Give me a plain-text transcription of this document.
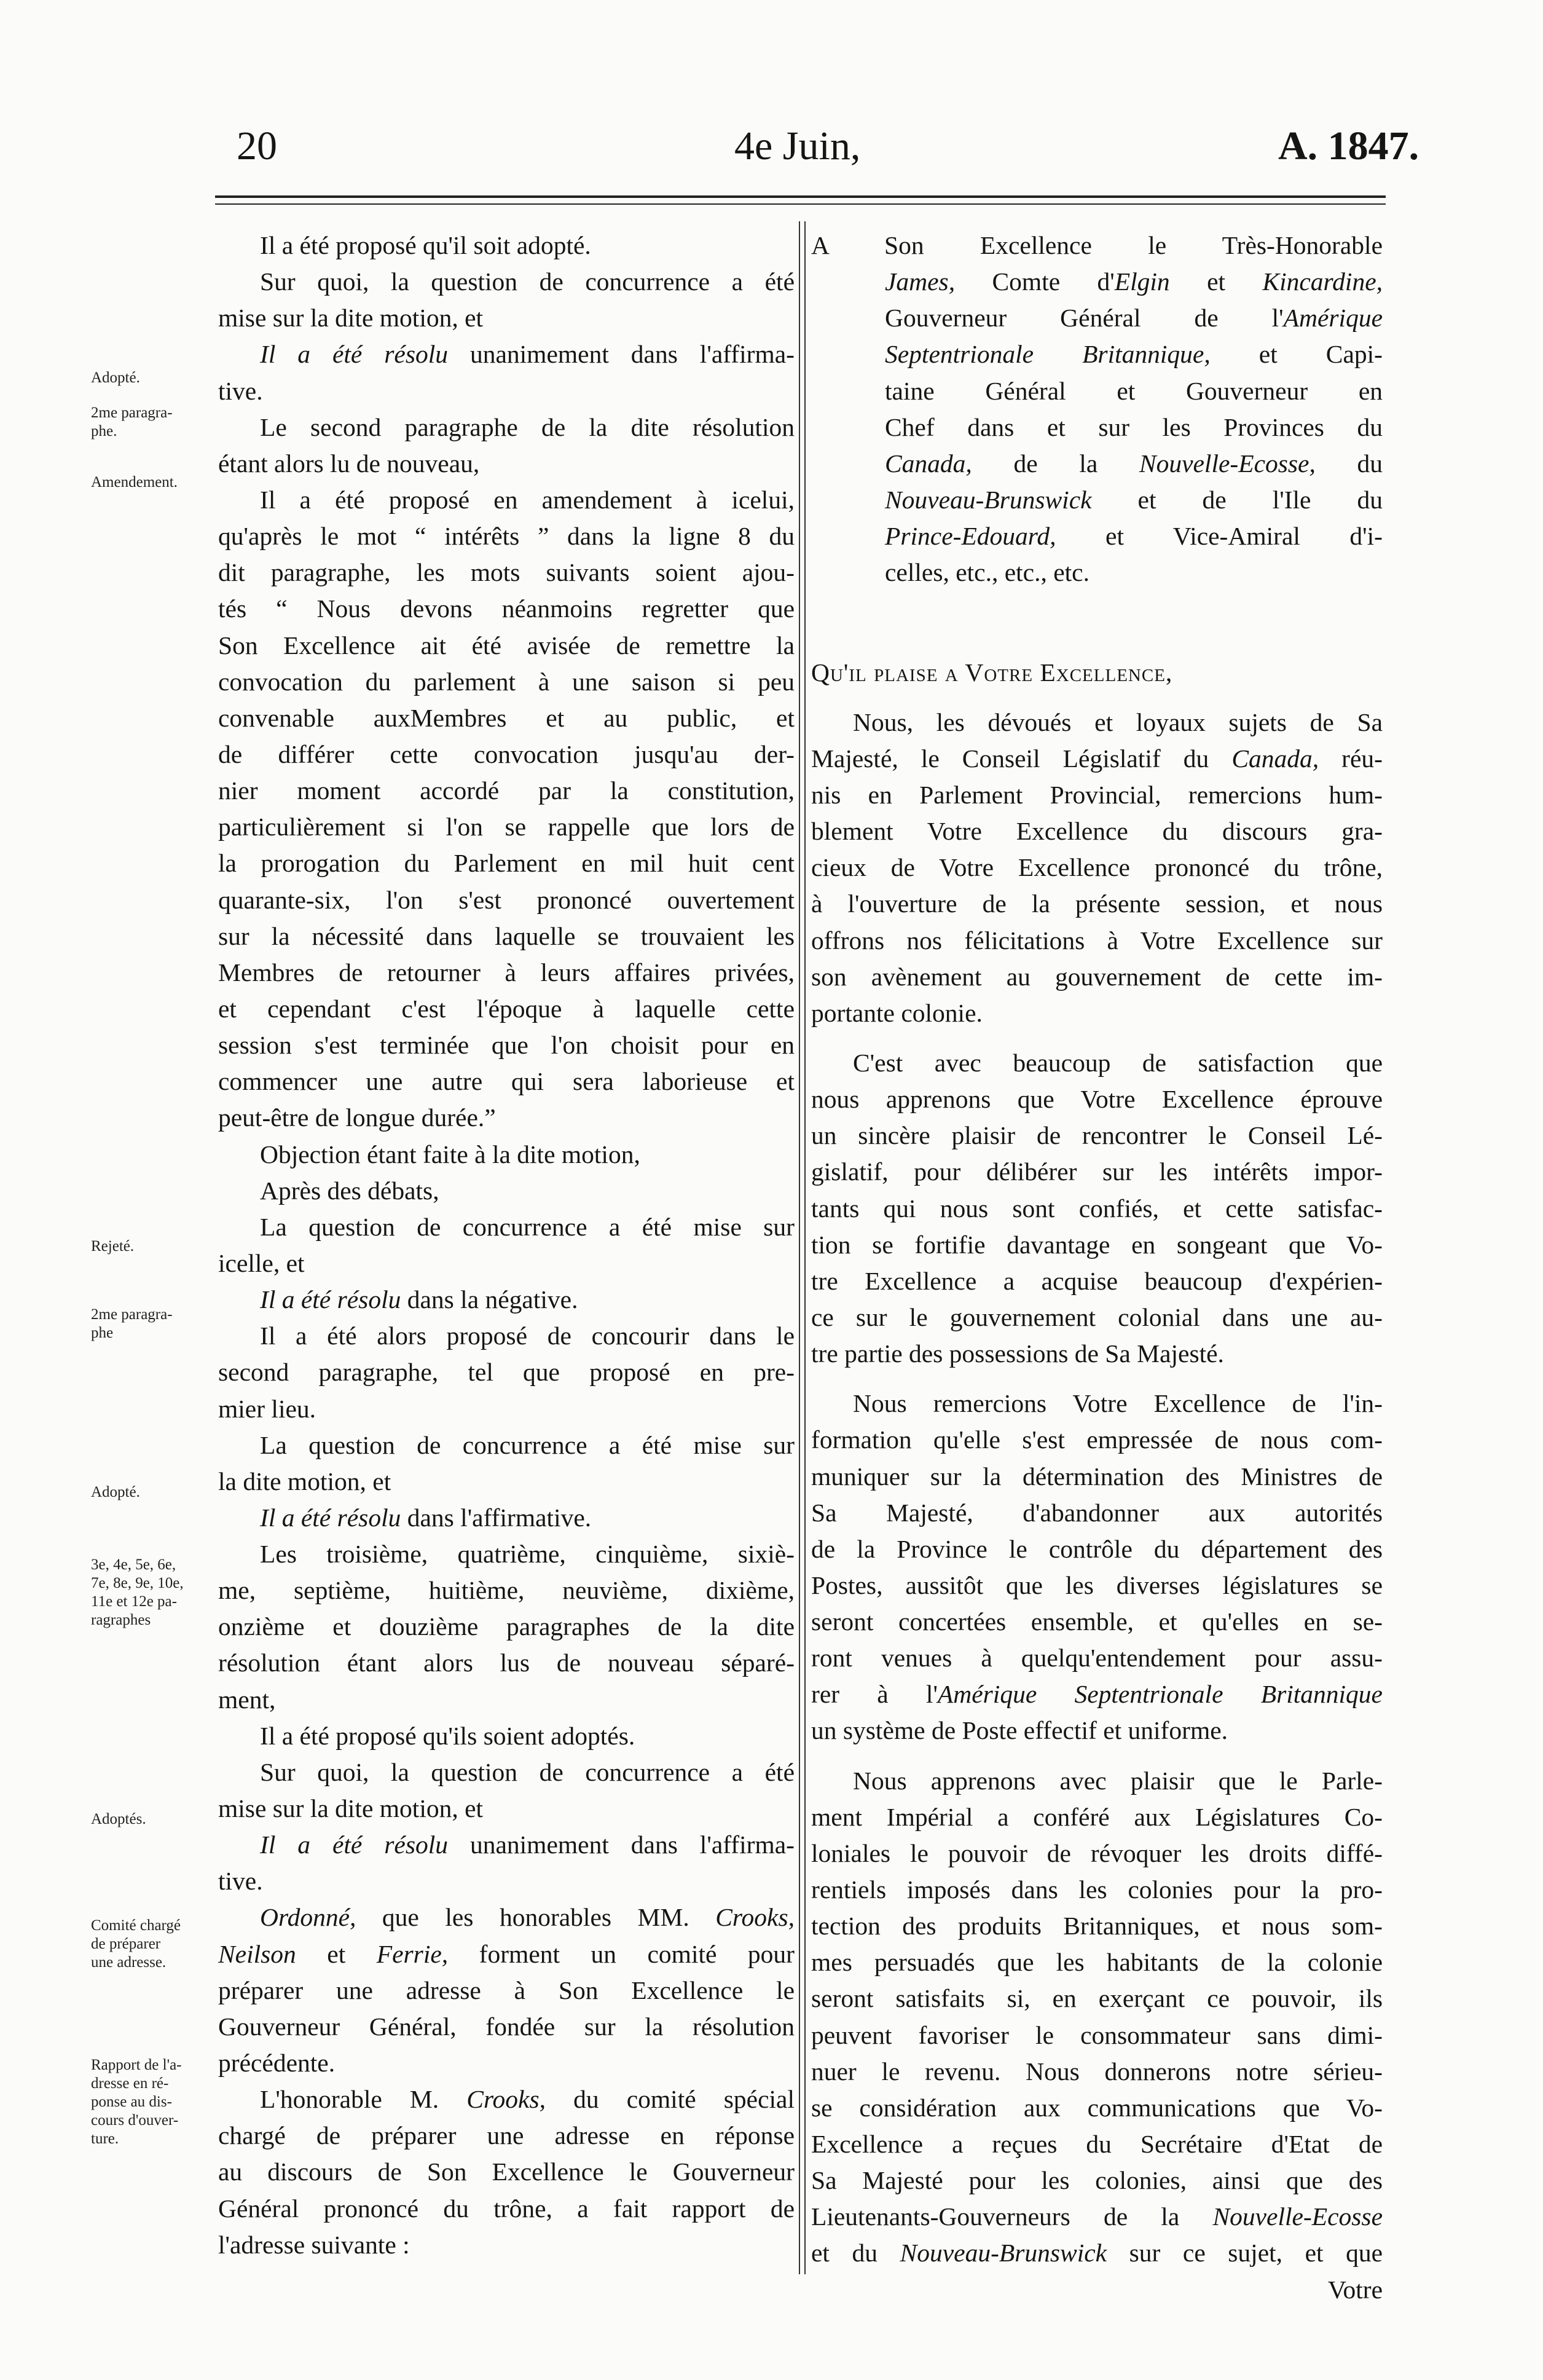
20	4e Juin,	A. 1847.
Adopté.
2me paragra-
phe.
Amendement.
Rejeté.
2me paragra-
phe
Adopté.
3e, 4e, 5e, 6e,
7e, 8e, 9e, 10e,
11e et 12e pa-
ragraphes
Adoptés.
Comité chargé
de préparer
une adresse.
Rapport de l'a-
dresse en ré-
ponse au dis-
cours d'ouver-
ture.
Il a été proposé qu'il soit adopté.
Sur quoi, la question de concurrence a été
mise sur la dite motion, et
Il a été résolu unanimement dans l'affirma-
tive.
Le second paragraphe de la dite résolution
étant alors lu de nouveau,
Il a été proposé en amendement à icelui,
qu'après le mot “ intérêts ” dans la ligne 8 du
dit paragraphe, les mots suivants soient ajou-
tés “ Nous devons néanmoins regretter que
Son Excellence ait été avisée de remettre la
convocation du parlement à une saison si peu
convenable auxMembres et au public, et
de différer cette convocation jusqu'au der-
nier moment accordé par la constitution,
particulièrement si l'on se rappelle que lors de
la prorogation du Parlement en mil huit cent
quarante-six, l'on s'est prononcé ouvertement
sur la nécessité dans laquelle se trouvaient les
Membres de retourner à leurs affaires privées,
et cependant c'est l'époque à laquelle cette
session s'est terminée que l'on choisit pour en
commencer une autre qui sera laborieuse et
peut-être de longue durée.”
Objection étant faite à la dite motion,
Après des débats,
La question de concurrence a été mise sur
icelle, et
Il a été résolu dans la négative.
Il a été alors proposé de concourir dans le
second paragraphe, tel que proposé en pre-
mier lieu.
La question de concurrence a été mise sur
la dite motion, et
Il a été résolu dans l'affirmative.
Les troisième, quatrième, cinquième, sixiè-
me, septième, huitième, neuvième, dixième,
onzième et douzième paragraphes de la dite
résolution étant alors lus de nouveau séparé-
ment,
Il a été proposé qu'ils soient adoptés.
Sur quoi, la question de concurrence a été
mise sur la dite motion, et
Il a été résolu unanimement dans l'affirma-
tive.
Ordonné, que les honorables MM. Crooks,
Neilson et Ferrie, forment un comité pour
préparer une adresse à Son Excellence le
Gouverneur Général, fondée sur la résolution
précédente.
L'honorable M. Crooks, du comité spécial
chargé de préparer une adresse en réponse
au discours de Son Excellence le Gouverneur
Général prononcé du trône, a fait rapport de
l'adresse suivante :
A Son Excellence le Très-Honorable
James, Comte d'Elgin et Kincardine,
Gouverneur Général de l'Amérique
Septentrionale Britannique, et Capi-
taine Général et Gouverneur en
Chef dans et sur les Provinces du
Canada, de la Nouvelle-Ecosse, du
Nouveau-Brunswick et de l'Ile du
Prince-Edouard, et Vice-Amiral d'i-
celles, etc., etc., etc.
Qu'il plaise a Votre Excellence,
Nous, les dévoués et loyaux sujets de Sa
Majesté, le Conseil Législatif du Canada, réu-
nis en Parlement Provincial, remercions hum-
blement Votre Excellence du discours gra-
cieux de Votre Excellence prononcé du trône,
à l'ouverture de la présente session, et nous
offrons nos félicitations à Votre Excellence sur
son avènement au gouvernement de cette im-
portante colonie.
C'est avec beaucoup de satisfaction que
nous apprenons que Votre Excellence éprouve
un sincère plaisir de rencontrer le Conseil Lé-
gislatif, pour délibérer sur les intérêts impor-
tants qui nous sont confiés, et cette satisfac-
tion se fortifie davantage en songeant que Vo-
tre Excellence a acquise beaucoup d'expérien-
ce sur le gouvernement colonial dans une au-
tre partie des possessions de Sa Majesté.
Nous remercions Votre Excellence de l'in-
formation qu'elle s'est empressée de nous com-
muniquer sur la détermination des Ministres de
Sa Majesté, d'abandonner aux autorités
de la Province le contrôle du département des
Postes, aussitôt que les diverses législatures se
seront concertées ensemble, et qu'elles en se-
ront venues à quelqu'entendement pour assu-
rer à l'Amérique Septentrionale Britannique
un système de Poste effectif et uniforme.
Nous apprenons avec plaisir que le Parle-
ment Impérial a conféré aux Législatures Co-
loniales le pouvoir de révoquer les droits diffé-
rentiels imposés dans les colonies pour la pro-
tection des produits Britanniques, et nous som-
mes persuadés que les habitants de la colonie
seront satisfaits si, en exerçant ce pouvoir, ils
peuvent favoriser le consommateur sans dimi-
nuer le revenu. Nous donnerons notre sérieu-
se considération aux communications que Vo-
Excellence a reçues du Secrétaire d'Etat de
Sa Majesté pour les colonies, ainsi que des
Lieutenants-Gouverneurs de la Nouvelle-Ecosse
et du Nouveau-Brunswick sur ce sujet, et que
Votre
